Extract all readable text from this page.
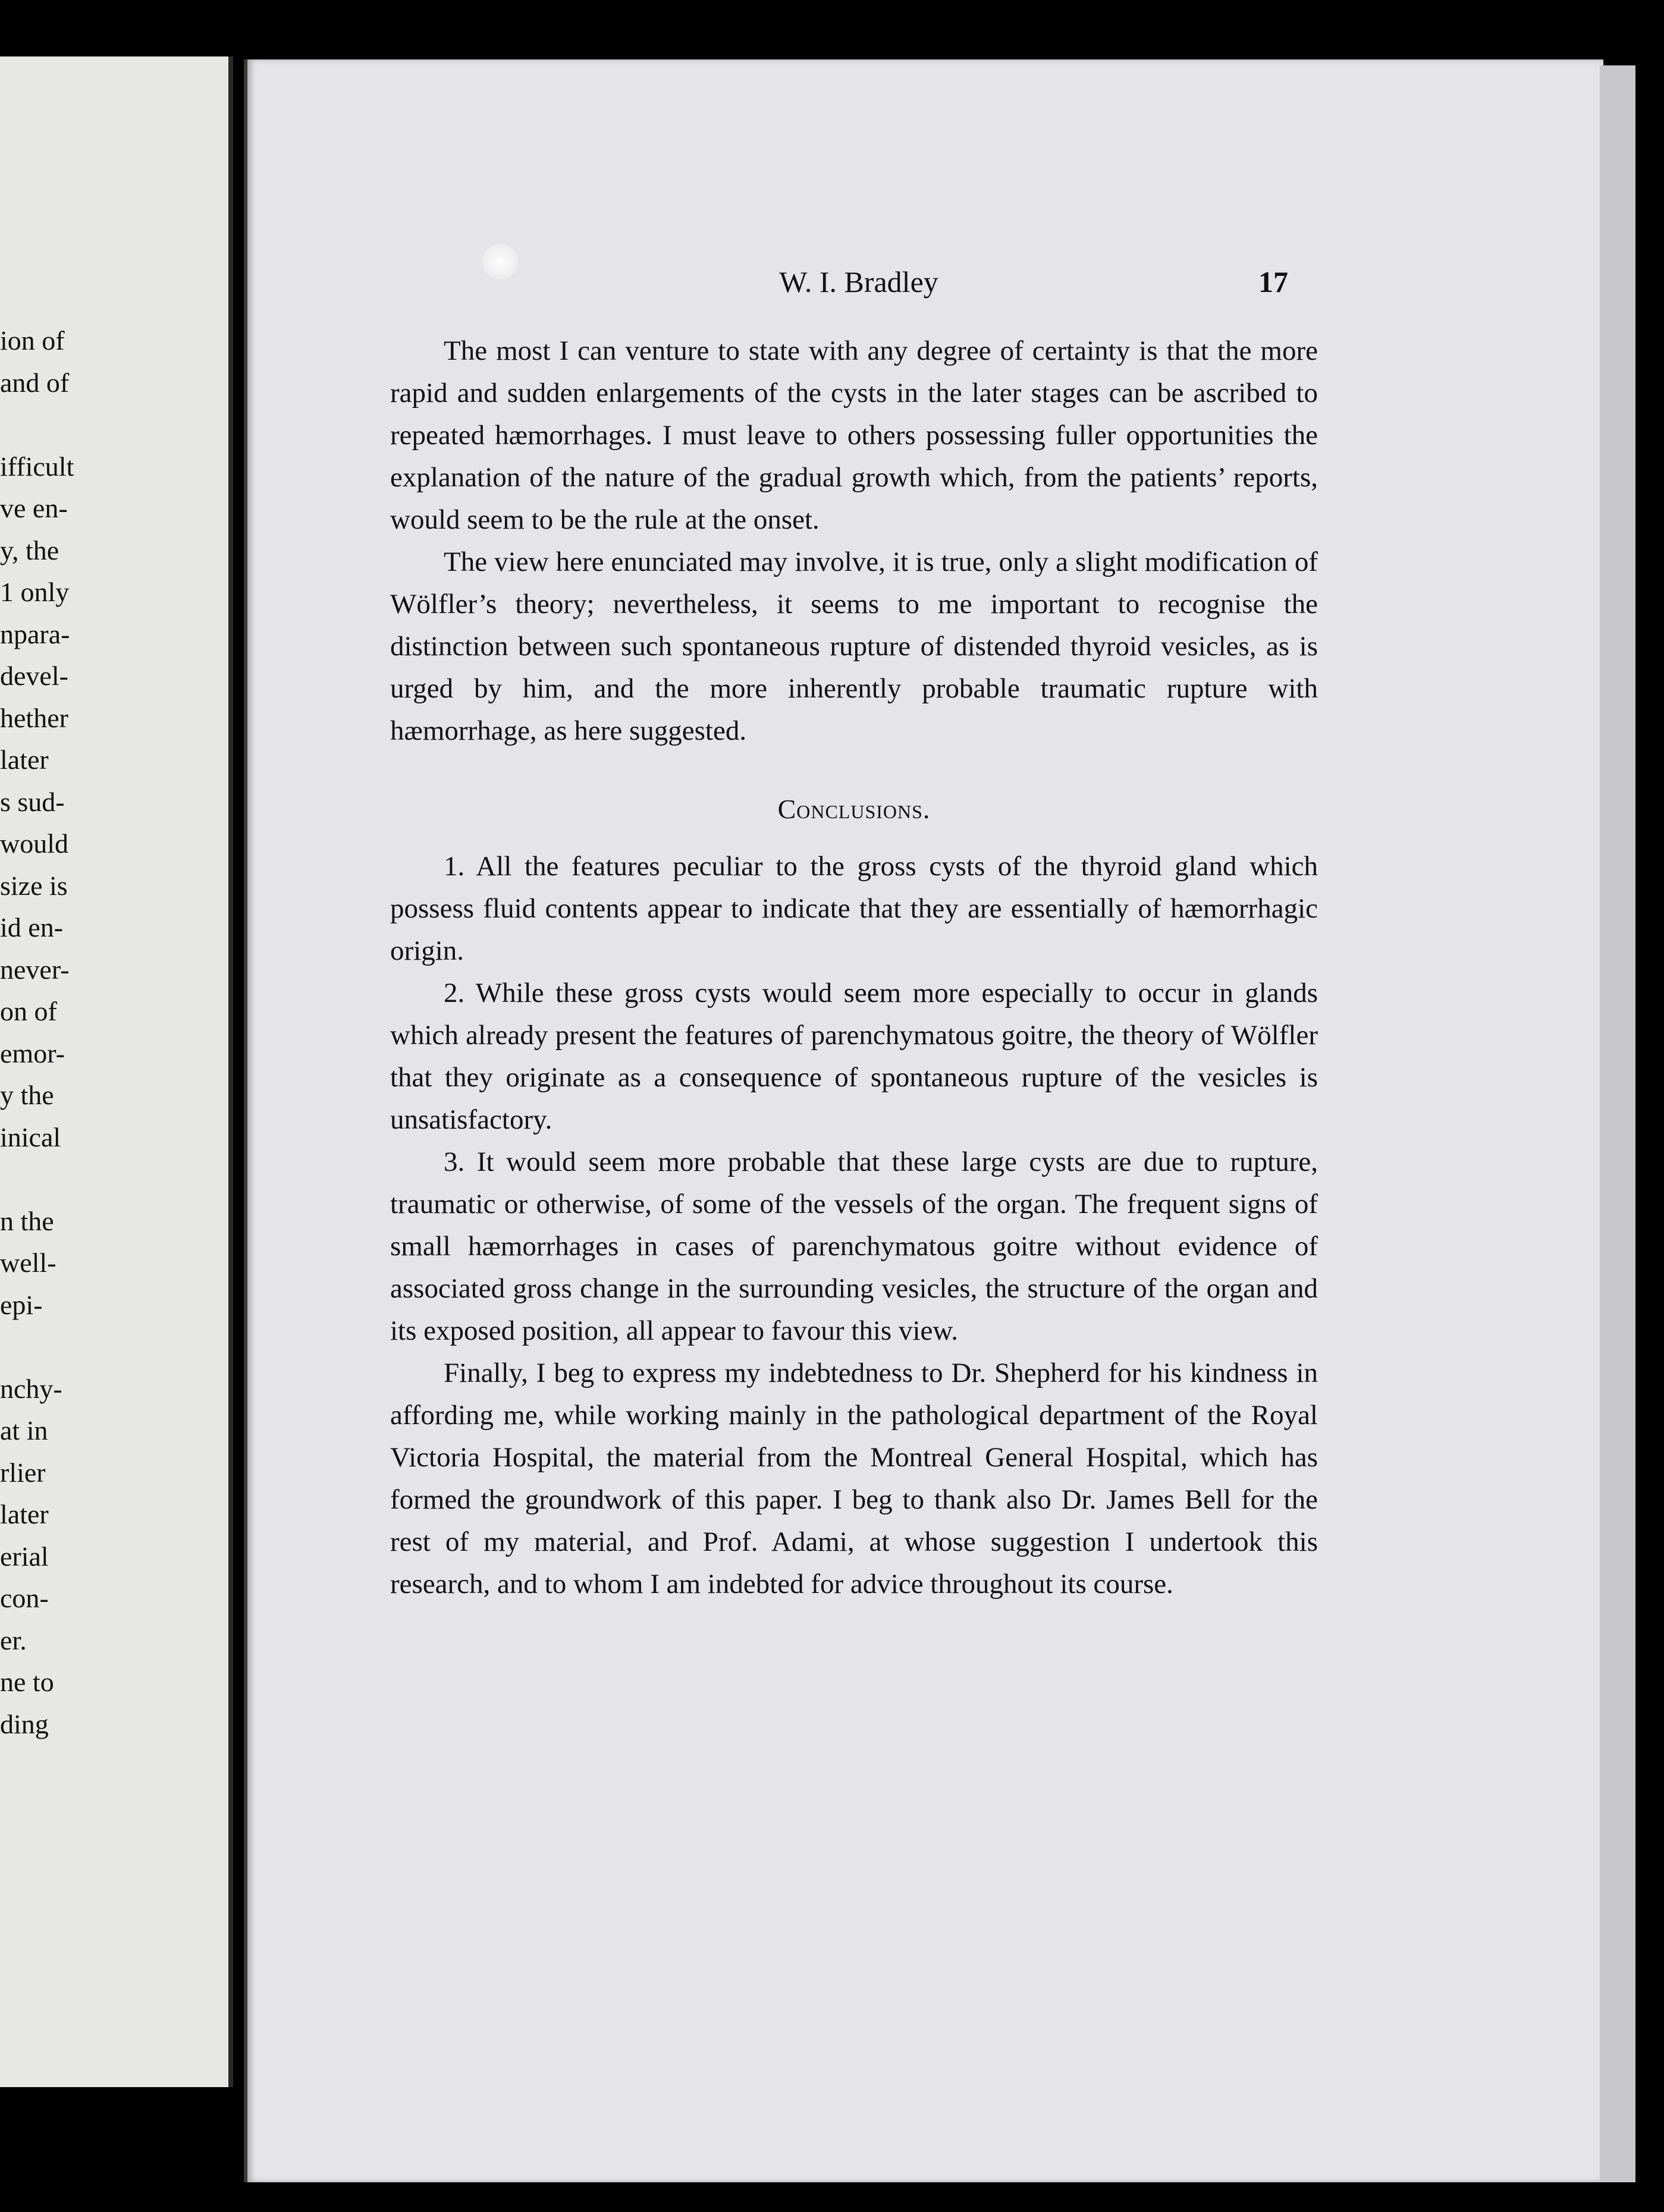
ion of
and of
ifficult
ve en-
y, the
1 only
npara-
devel-
hether
later
s sud-
would
size is
id en-
never-
on of
emor-
y the
inical
n the
well-
epi-
nchy-
at in
rlier
later
erial
con-
er.
ne to
ding
W. I. Bradley	17

The most I can venture to state with any degree of certainty is that the more rapid and sudden enlargements of the cysts in the later stages can be ascribed to repeated hæmorrhages. I must leave to others possessing fuller opportunities the explanation of the nature of the gradual growth which, from the patients’ reports, would seem to be the rule at the onset.

The view here enunciated may involve, it is true, only a slight modification of Wölfler’s theory; nevertheless, it seems to me important to recognise the distinction between such spontaneous rupture of distended thyroid vesicles, as is urged by him, and the more inherently probable traumatic rupture with hæmorrhage, as here suggested.

Conclusions.

1. All the features peculiar to the gross cysts of the thyroid gland which possess fluid contents appear to indicate that they are essentially of hæmorrhagic origin.

2. While these gross cysts would seem more especially to occur in glands which already present the features of parenchymatous goitre, the theory of Wölfler that they originate as a consequence of spontaneous rupture of the vesicles is unsatisfactory.

3. It would seem more probable that these large cysts are due to rupture, traumatic or otherwise, of some of the vessels of the organ. The frequent signs of small hæmorrhages in cases of parenchymatous goitre without evidence of associated gross change in the surrounding vesicles, the structure of the organ and its exposed position, all appear to favour this view.

Finally, I beg to express my indebtedness to Dr. Shepherd for his kindness in affording me, while working mainly in the pathological department of the Royal Victoria Hospital, the material from the Montreal General Hospital, which has formed the groundwork of this paper. I beg to thank also Dr. James Bell for the rest of my material, and Prof. Adami, at whose suggestion I undertook this research, and to whom I am indebted for advice throughout its course.
